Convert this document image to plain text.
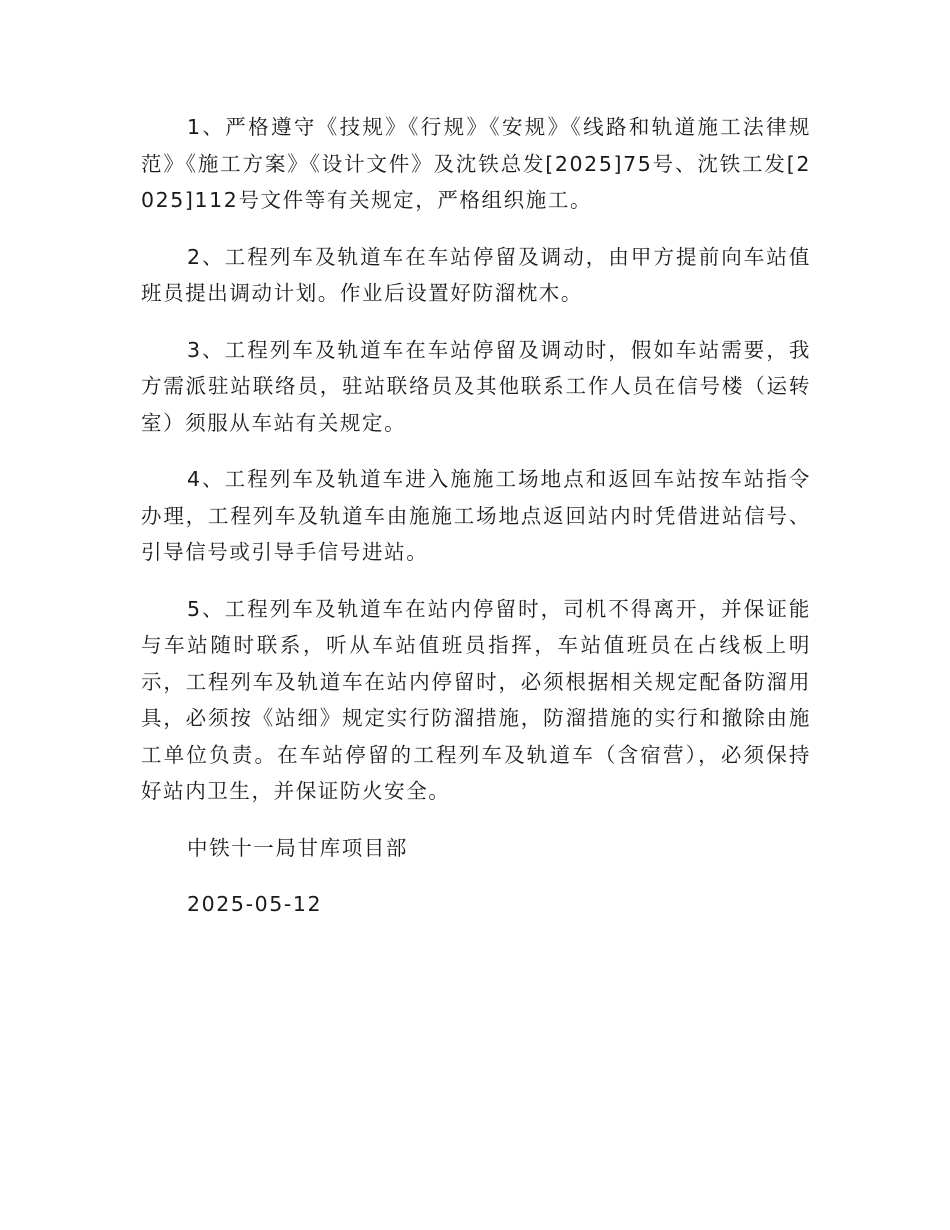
1、严格遵守《技规》《行规》《安规》《线路和轨道施工法律规范》《施工方案》《设计文件》及沈铁总发[2025]75号、沈铁工发[2025]112号文件等有关规定，严格组织施工。

2、工程列车及轨道车在车站停留及调动，由甲方提前向车站值班员提出调动计划。作业后设置好防溜枕木。

3、工程列车及轨道车在车站停留及调动时，假如车站需要，我方需派驻站联络员，驻站联络员及其他联系工作人员在信号楼（运转室）须服从车站有关规定。

4、工程列车及轨道车进入施施工场地点和返回车站按车站指令办理，工程列车及轨道车由施施工场地点返回站内时凭借进站信号、引导信号或引导手信号进站。

5、工程列车及轨道车在站内停留时，司机不得离开，并保证能与车站随时联系，听从车站值班员指挥，车站值班员在占线板上明示，工程列车及轨道车在站内停留时，必须根据相关规定配备防溜用具，必须按《站细》规定实行防溜措施，防溜措施的实行和撤除由施工单位负责。在车站停留的工程列车及轨道车（含宿营），必须保持好站内卫生，并保证防火安全。

中铁十一局甘库项目部

2025-05-12
